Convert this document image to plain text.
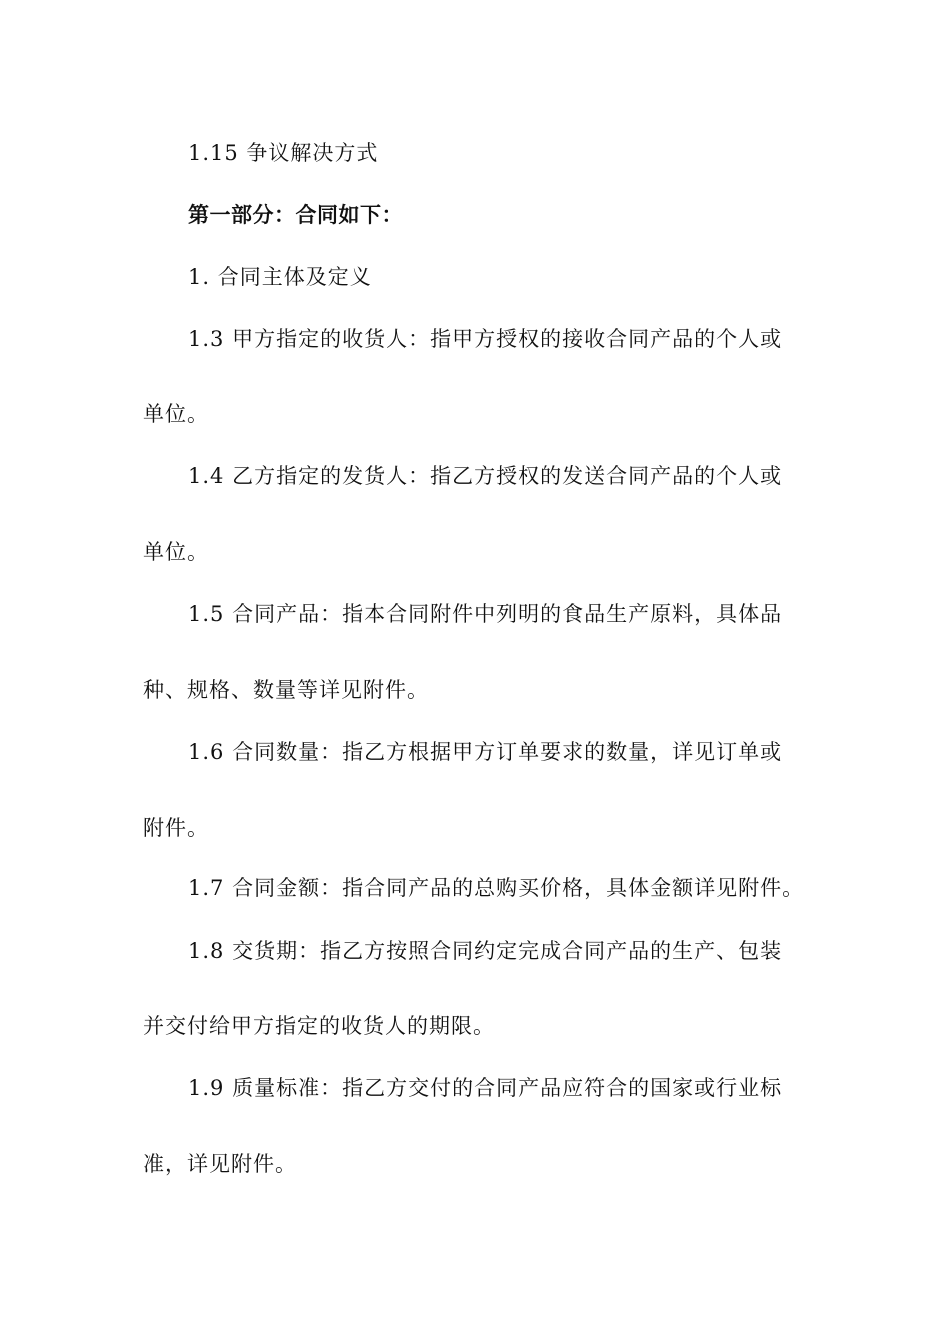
1.15 争议解决方式
第一部分：合同如下：
1. 合同主体及定义
1.3 甲方指定的收货人：指甲方授权的接收合同产品的个人或
单位。
1.4 乙方指定的发货人：指乙方授权的发送合同产品的个人或
单位。
1.5 合同产品：指本合同附件中列明的食品生产原料，具体品
种、规格、数量等详见附件。
1.6 合同数量：指乙方根据甲方订单要求的数量，详见订单或
附件。
1.7 合同金额：指合同产品的总购买价格，具体金额详见附件。
1.8 交货期：指乙方按照合同约定完成合同产品的生产、包装
并交付给甲方指定的收货人的期限。
1.9 质量标准：指乙方交付的合同产品应符合的国家或行业标
准，详见附件。
